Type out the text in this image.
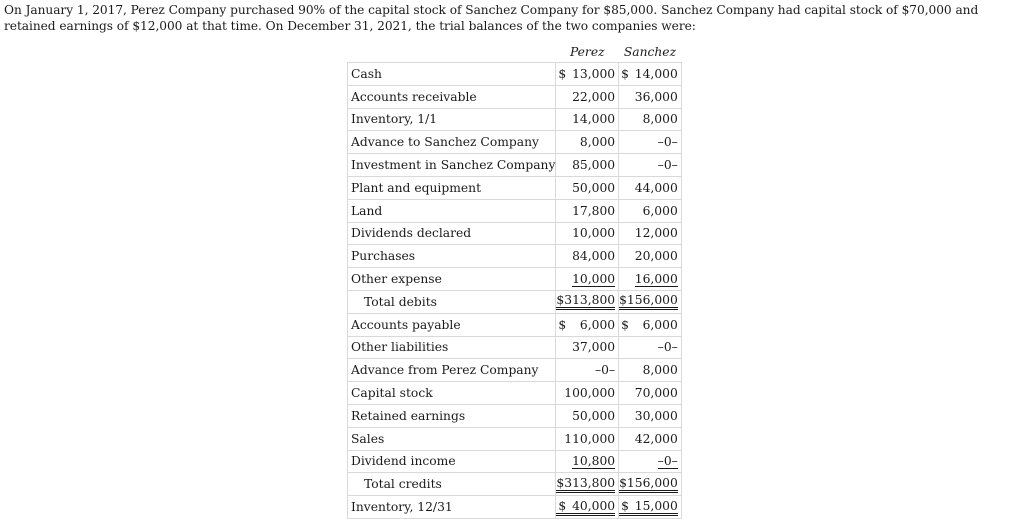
On January 1, 2017, Perez Company purchased 90% of the capital stock of Sanchez Company for $85,000. Sanchez Company had capital stock of $70,000 and retained earnings of $12,000 at that time. On December 31, 2021, the trial balances of the two companies were:
	Perez	Sanchez
Cash	$ 13,000	$ 14,000

Accounts receivable	22,000	36,000

Inventory, 1/1	14,000	8,000

Advance to Sanchez Company	8,000	–0–

Investment in Sanchez Company	85,000	–0–

Plant and equipment	50,000	44,000

Land	17,800	6,000

Dividends declared	10,000	12,000

Purchases	84,000	20,000

Other expense	10,000	16,000

Total debits	$313,800	$156,000

Accounts payable	$ 6,000	$ 6,000

Other liabilities	37,000	–0–

Advance from Perez Company	–0–	8,000

Capital stock	100,000	70,000

Retained earnings	50,000	30,000

Sales	110,000	42,000

Dividend income	10,800	–0–

Total credits	$313,800	$156,000

Inventory, 12/31	$ 40,000	$ 15,000
